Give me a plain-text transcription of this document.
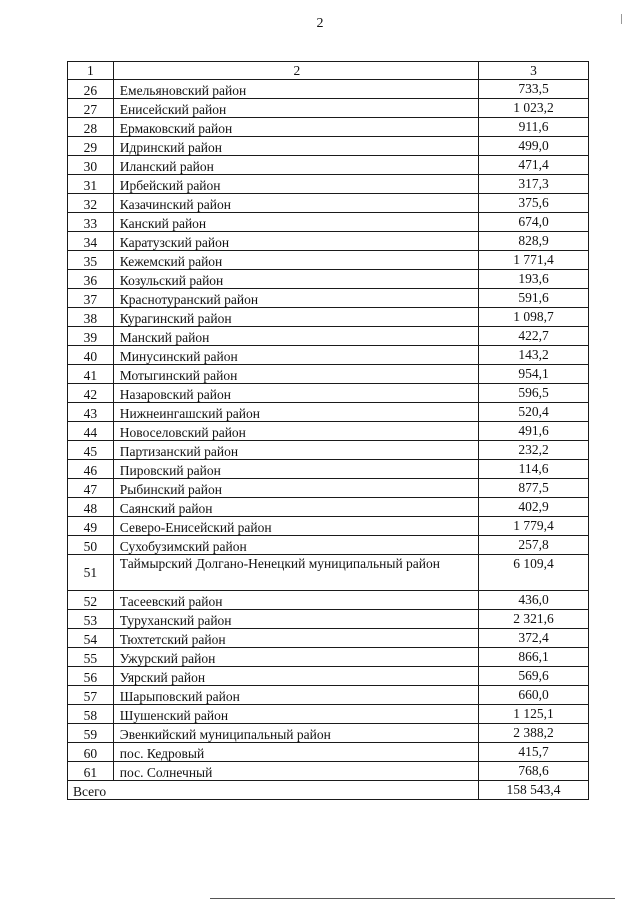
2
1	2	3
26	Емельяновский район	733,5
27	Енисейский район	1 023,2
28	Ермаковский район	911,6
29	Идринский район	499,0
30	Иланский район	471,4
31	Ирбейский район	317,3
32	Казачинский район	375,6
33	Канский район	674,0
34	Каратузский район	828,9
35	Кежемский район	1 771,4
36	Козульский район	193,6
37	Краснотуранский район	591,6
38	Курагинский район	1 098,7
39	Манский район	422,7
40	Минусинский район	143,2
41	Мотыгинский район	954,1
42	Назаровский район	596,5
43	Нижнеингашский район	520,4
44	Новоселовский район	491,6
45	Партизанский район	232,2
46	Пировский район	114,6
47	Рыбинский район	877,5
48	Саянский район	402,9
49	Северо-Енисейский район	1 779,4
50	Сухобузимский район	257,8
51	Таймырский Долгано-Ненецкий муниципальный район	6 109,4
52	Тасеевский район	436,0
53	Туруханский район	2 321,6
54	Тюхтетский район	372,4
55	Ужурский район	866,1
56	Уярский район	569,6
57	Шарыповский район	660,0
58	Шушенский район	1 125,1
59	Эвенкийский муниципальный район	2 388,2
60	пос. Кедровый	415,7
61	пос. Солнечный	768,6
Всего		158 543,4
